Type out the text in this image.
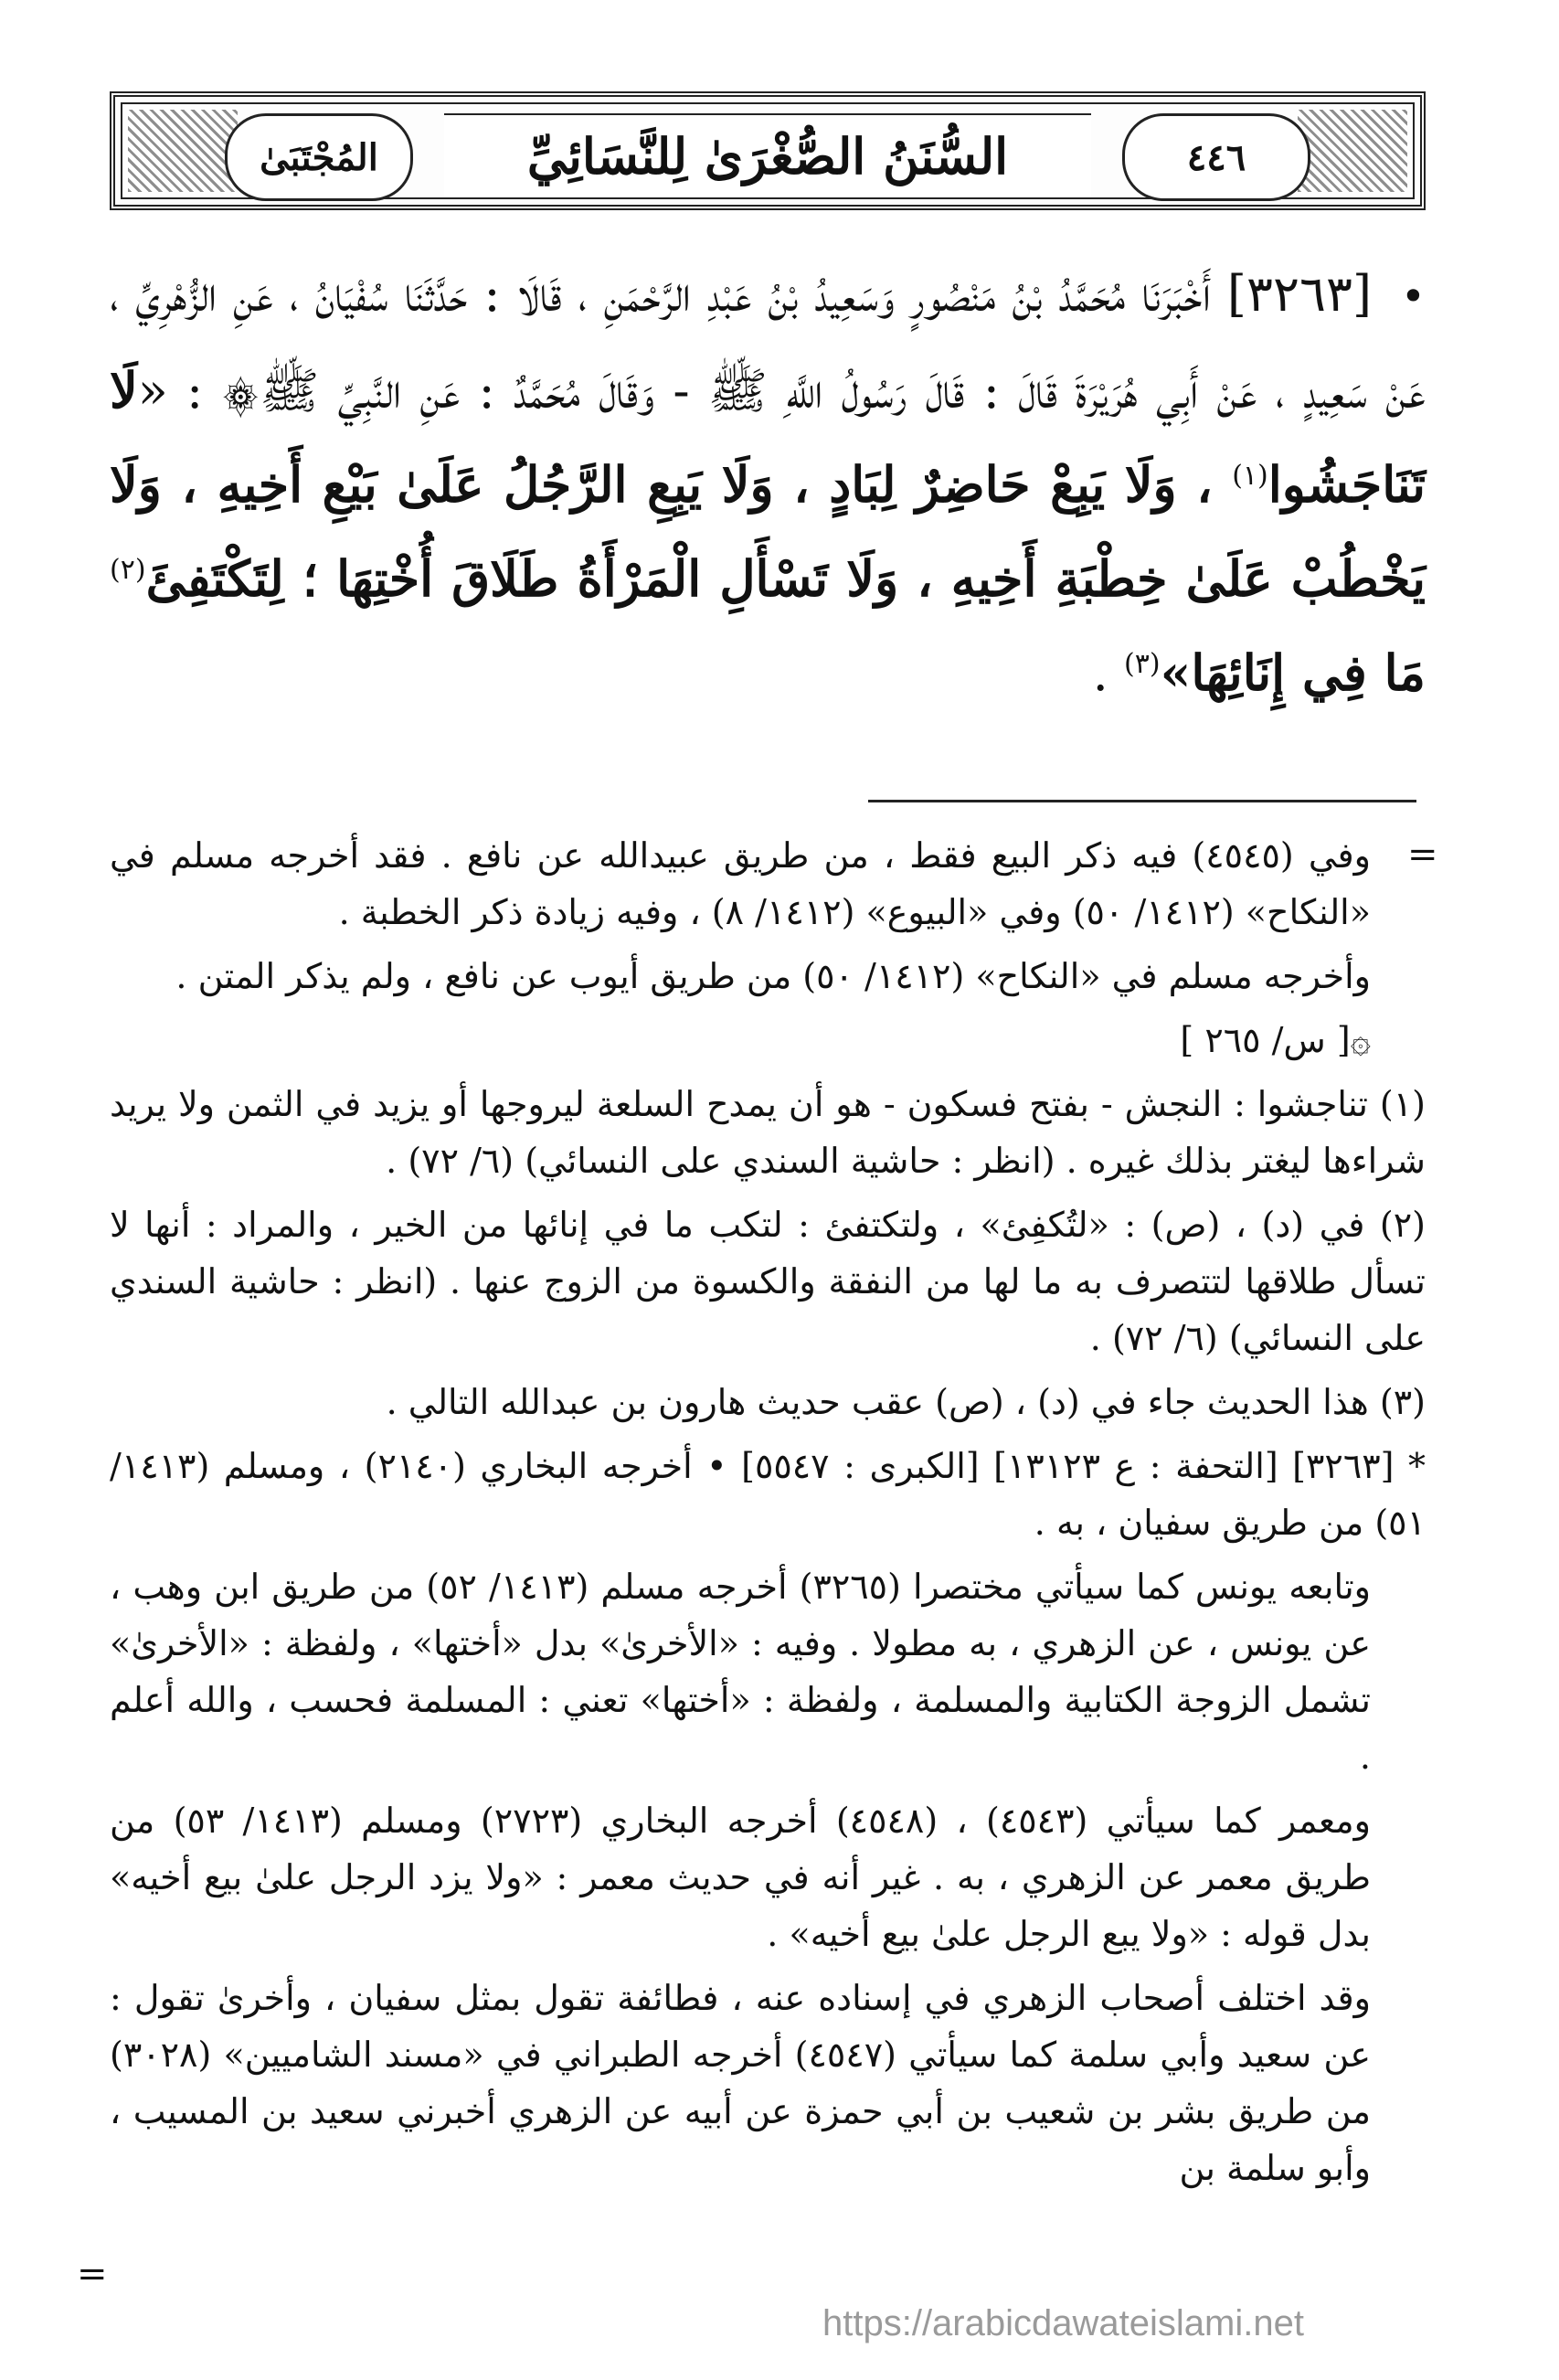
المُجْتَبَىٰ	السُّنَنُ الصُّغْرَىٰ لِلنَّسَائِيِّ	٤٤٦
• [٣٢٦٣] أَخْبَرَنَا مُحَمَّدُ بْنُ مَنْصُورٍ وَسَعِيدُ بْنُ عَبْدِ الرَّحْمَنِ ، قَالَا : حَدَّثَنَا سُفْيَانُ ، عَنِ الزُّهْرِيِّ ، عَنْ سَعِيدٍ ، عَنْ أَبِي هُرَيْرَةَ قَالَ : قَالَ رَسُولُ اللَّهِ ﷺ - وَقَالَ مُحَمَّدٌ : عَنِ النَّبِيِّ ﷺ۞ : «لَا تَنَاجَشُوا$^{(١)}$ ، وَلَا يَبِعْ حَاضِرٌ لِبَادٍ ، وَلَا يَبِعِ الرَّجُلُ عَلَىٰ بَيْعِ أَخِيهِ ، وَلَا يَخْطُبْ عَلَىٰ خِطْبَةِ أَخِيهِ ، وَلَا تَسْأَلِ الْمَرْأَةُ طَلَاقَ أُخْتِهَا ؛ لِتَكْتَفِئَ$^{(٢)}$ مَا فِي إِنَائِهَا»$^{(٣)}$ .
=

وفي (٤٥٤٥) فيه ذكر البيع فقط ، من طريق عبيدالله عن نافع . فقد أخرجه مسلم في «النكاح» (١٤١٢/ ٥٠) وفي «البيوع» (١٤١٢/ ٨) ، وفيه زيادة ذكر الخطبة .

وأخرجه مسلم في «النكاح» (١٤١٢/ ٥٠) من طريق أيوب عن نافع ، ولم يذكر المتن .

۞[ س/ ٢٦٥ ]

(١) تناجشوا : النجش - بفتح فسكون - هو أن يمدح السلعة ليروجها أو يزيد في الثمن ولا يريد شراءها ليغتر بذلك غيره . (انظر : حاشية السندي على النسائي) (٦/ ٧٢) .

(٢) في (د) ، (ص) : «لتُكفِئ» ، ولتكتفئ : لتكب ما في إنائها من الخير ، والمراد : أنها لا تسأل طلاقها لتتصرف به ما لها من النفقة والكسوة من الزوج عنها . (انظر : حاشية السندي على النسائي) (٦/ ٧٢) .

(٣) هذا الحديث جاء في (د) ، (ص) عقب حديث هارون بن عبدالله التالي .

* [٣٢٦٣] [التحفة : ع ١٣١٢٣] [الكبرى : ٥٥٤٧] • أخرجه البخاري (٢١٤٠) ، ومسلم (١٤١٣/ ٥١) من طريق سفيان ، به .

وتابعه يونس كما سيأتي مختصرا (٣٢٦٥) أخرجه مسلم (١٤١٣/ ٥٢) من طريق ابن وهب ، عن يونس ، عن الزهري ، به مطولا . وفيه : «الأخرىٰ» بدل «أختها» ، ولفظة : «الأخرىٰ» تشمل الزوجة الكتابية والمسلمة ، ولفظة : «أختها» تعني : المسلمة فحسب ، والله أعلم .

ومعمر كما سيأتي (٤٥٤٣) ، (٤٥٤٨) أخرجه البخاري (٢٧٢٣) ومسلم (١٤١٣/ ٥٣) من طريق معمر عن الزهري ، به . غير أنه في حديث معمر : «ولا يزد الرجل علىٰ بيع أخيه» بدل قوله : «ولا يبع الرجل علىٰ بيع أخيه» .

وقد اختلف أصحاب الزهري في إسناده عنه ، فطائفة تقول بمثل سفيان ، وأخرىٰ تقول : عن سعيد وأبي سلمة كما سيأتي (٤٥٤٧) أخرجه الطبراني في «مسند الشاميين» (٣٠٢٨) من طريق بشر بن شعيب بن أبي حمزة عن أبيه عن الزهري أخبرني سعيد بن المسيب ، وأبو سلمة بن

=
https://arabicdawateislami.net
